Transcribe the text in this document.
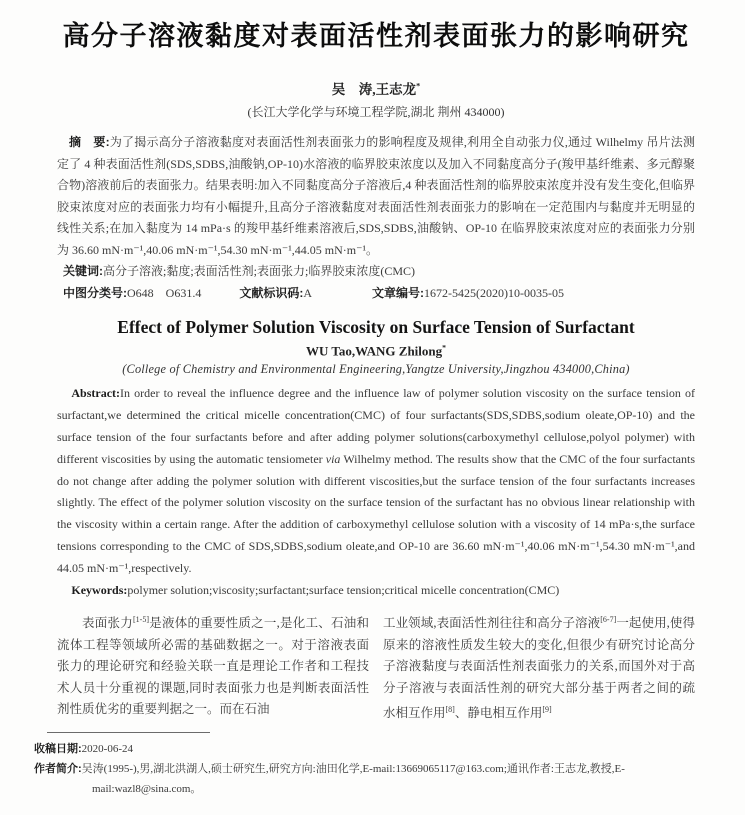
高分子溶液黏度对表面活性剂表面张力的影响研究
吴　涛,王志龙*
(长江大学化学与环境工程学院,湖北 荆州 434000)

摘　要:为了揭示高分子溶液黏度对表面活性剂表面张力的影响程度及规律,利用全自动张力仪,通过 Wilhelmy 吊片法测定了 4 种表面活性剂(SDS,SDBS,油酸钠,OP-10)水溶液的临界胶束浓度以及加入不同黏度高分子(羧甲基纤维素、多元醇聚合物)溶液前后的表面张力。结果表明:加入不同黏度高分子溶液后,4 种表面活性剂的临界胶束浓度并没有发生变化,但临界胶束浓度对应的表面张力均有小幅提升,且高分子溶液黏度对表面活性剂表面张力的影响在一定范围内与黏度并无明显的线性关系;在加入黏度为 14 mPa·s 的羧甲基纤维素溶液后,SDS,SDBS,油酸钠、OP-10 在临界胶束浓度对应的表面张力分别为 36.60 mN·m⁻¹,40.06 mN·m⁻¹,54.30 mN·m⁻¹,44.05 mN·m⁻¹。

关键词:高分子溶液;黏度;表面活性剂;表面张力;临界胶束浓度(CMC)

中图分类号:O648　O631.4	文献标识码:A	文章编号:1672-5425(2020)10-0035-05

Effect of Polymer Solution Viscosity on Surface Tension of Surfactant
WU Tao,WANG Zhilong*
(College of Chemistry and Environmental Engineering,Yangtze University,Jingzhou 434000,China)

Abstract:In order to reveal the influence degree and the influence law of polymer solution viscosity on the surface tension of surfactant,we determined the critical micelle concentration(CMC) of four surfactants(SDS,SDBS,sodium oleate,OP-10) and the surface tension of the four surfactants before and after adding polymer solutions(carboxymethyl cellulose,polyol polymer) with different viscosities by using the automatic tensiometer via Wilhelmy method. The results show that the CMC of the four surfactants do not change after adding the polymer solution with different viscosities,but the surface tension of the four surfactants increases slightly. The effect of the polymer solution viscosity on the surface tension of the surfactant has no obvious linear relationship with the viscosity within a certain range. After the addition of carboxymethyl cellulose solution with a viscosity of 14 mPa·s,the surface tensions corresponding to the CMC of SDS,SDBS,sodium oleate,and OP-10 are 36.60 mN·m⁻¹,40.06 mN·m⁻¹,54.30 mN·m⁻¹,and 44.05 mN·m⁻¹,respectively.

Keywords:polymer solution;viscosity;surfactant;surface tension;critical micelle concentration(CMC)

表面张力[1-5]是液体的重要性质之一,是化工、石油和流体工程等领域所必需的基础数据之一。对于溶液表面张力的理论研究和经验关联一直是理论工作者和工程技术人员十分重视的课题,同时表面张力也是判断表面活性剂性质优劣的重要判据之一。而在石油

工业领域,表面活性剂往往和高分子溶液[6-7]一起使用,使得原来的溶液性质发生较大的变化,但很少有研究讨论高分子溶液黏度与表面活性剂表面张力的关系,而国外对于高分子溶液与表面活性剂的研究大部分基于两者之间的疏水相互作用[8]、静电相互作用[9]

收稿日期:2020-06-24

作者简介:吴涛(1995-),男,湖北洪湖人,硕士研究生,研究方向:油田化学,E-mail:13669065117@163.com;通讯作者:王志龙,教授,E-mail:wazl8@sina.com。
